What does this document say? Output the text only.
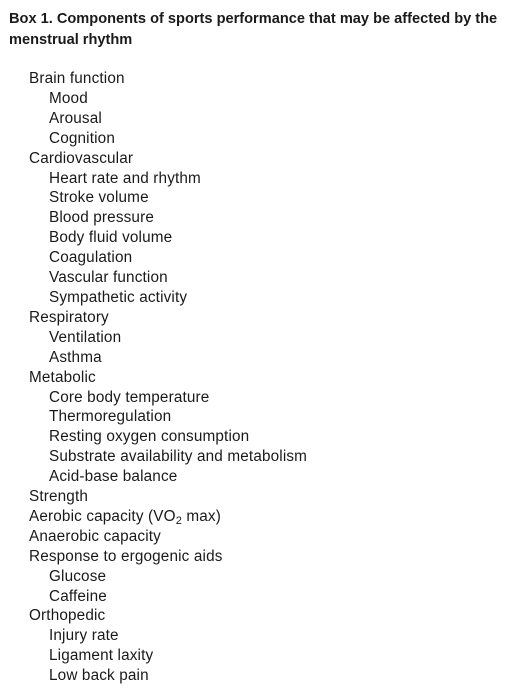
Box 1. Components of sports performance that may be affected by the menstrual rhythm
Brain function
Mood
Arousal
Cognition
Cardiovascular
Heart rate and rhythm
Stroke volume
Blood pressure
Body fluid volume
Coagulation
Vascular function
Sympathetic activity
Respiratory
Ventilation
Asthma
Metabolic
Core body temperature
Thermoregulation
Resting oxygen consumption
Substrate availability and metabolism
Acid-base balance
Strength
Aerobic capacity ($VO_2$ max)
Anaerobic capacity
Response to ergogenic aids
Glucose
Caffeine
Orthopedic
Injury rate
Ligament laxity
Low back pain
